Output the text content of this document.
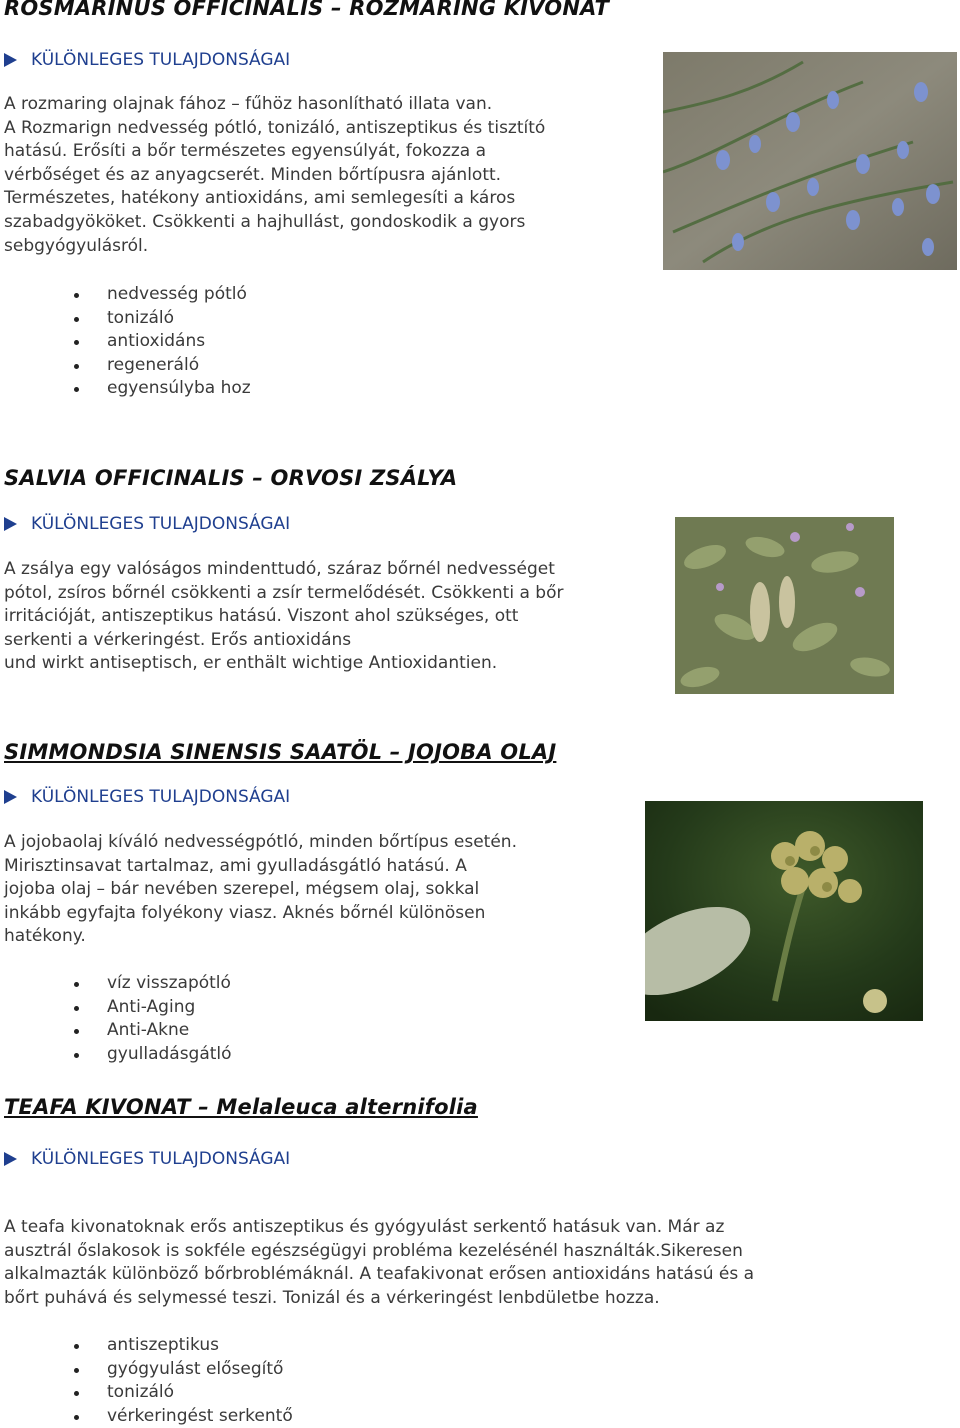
ROSMARINUS OFFICINALIS – ROZMARING KIVONAT
KÜLÖNLEGES TULAJDONSÁGAI

A rozmaring olajnak fához – fűhöz hasonlítható illata van.

A Rozmarign nedvesség pótló, tonizáló, antiszeptikus és tisztító

hatású. Erősíti a bőr természetes egyensúlyát, fokozza a

vérbőséget és az anyagcserét. Minden bőrtípusra ajánlott.

Természetes, hatékony antioxidáns, ami semlegesíti a káros

szabadgyököket. Csökkenti a hajhullást, gondoskodik a gyors

sebgyógyulásról.

nedvesség pótló
tonizáló
antioxidáns
regeneráló
egyensúlyba hoz
SALVIA OFFICINALIS – ORVOSI ZSÁLYA
KÜLÖNLEGES TULAJDONSÁGAI

A zsálya egy valóságos mindenttudó, száraz bőrnél nedvességet

pótol, zsíros bőrnél csökkenti a zsír termelődését. Csökkenti a bőr

irritációját, antiszeptikus hatású. Viszont ahol szükséges, ott

serkenti a vérkeringést. Erős antioxidáns

und wirkt antiseptisch, er enthält wichtige Antioxidantien.

SIMMONDSIA SINENSIS SAATÖL – JOJOBA OLAJ
KÜLÖNLEGES TULAJDONSÁGAI

A jojobaolaj kíváló nedvességpótló, minden bőrtípus esetén.

Mirisztinsavat tartalmaz, ami gyulladásgátló hatású. A

jojoba olaj – bár nevében szerepel, mégsem olaj, sokkal

inkább egyfajta folyékony viasz. Aknés bőrnél különösen

hatékony.

víz visszapótló
Anti-Aging
Anti-Akne
gyulladásgátló
TEAFA KIVONAT – Melaleuca alternifolia
KÜLÖNLEGES TULAJDONSÁGAI

A teafa kivonatoknak erős antiszeptikus és gyógyulást serkentő hatásuk van. Már az

ausztrál őslakosok is sokféle egészségügyi probléma kezelésénél használták.Sikeresen

alkalmazták különböző bőrbroblémáknál. A teafakivonat erősen antioxidáns hatású és a

bőrt puhává és selymessé teszi. Tonizál és a vérkeringést lenbdületbe hozza.

antiszeptikus
gyógyulást elősegítő
tonizáló
vérkeringést serkentő
